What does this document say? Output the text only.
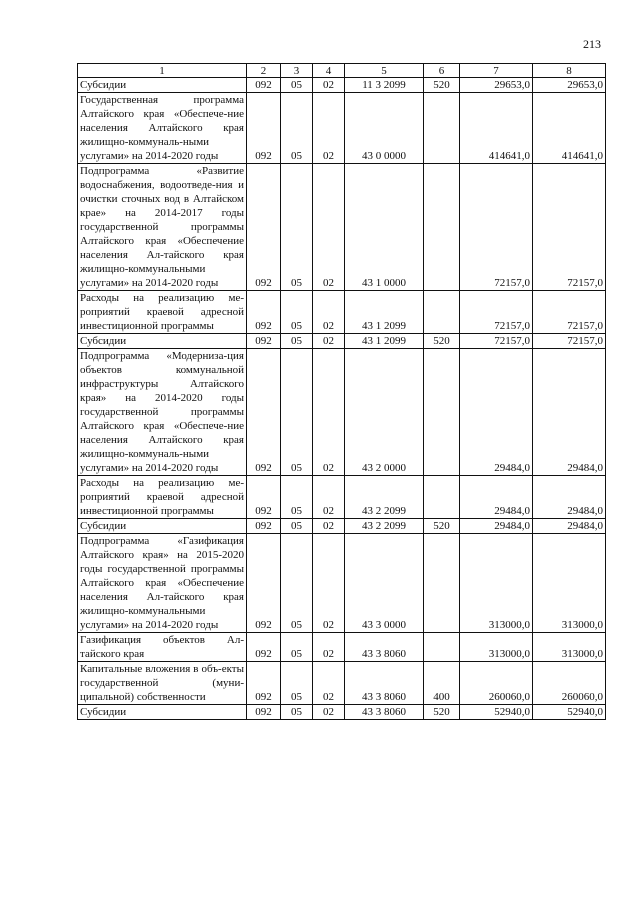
213
1	2	3	4	5	6	7	8
Субсидии	092	05	02	11 3 2099	520	29653,0	29653,0
Государственная программа Алтайского края «Обеспече-ние населения Алтайского края жилищно-коммуналь-ными услугами» на 2014-2020 годы	092	05	02	43 0 0000		414641,0	414641,0
Подпрограмма «Развитие водоснабжения, водоотведе-ния и очистки сточных вод в Алтайском крае» на 2014-2017 годы государственной программы Алтайского края «Обеспечение населения Ал-тайского края жилищно-коммунальными услугами» на 2014-2020 годы	092	05	02	43 1 0000		72157,0	72157,0
Расходы на реализацию ме-роприятий краевой адресной инвестиционной программы	092	05	02	43 1 2099		72157,0	72157,0
Субсидии	092	05	02	43 1 2099	520	72157,0	72157,0
Подпрограмма «Модерниза-ция объектов коммунальной инфраструктуры Алтайского края» на 2014-2020 годы государственной программы Алтайского края «Обеспече-ние населения Алтайского края жилищно-коммуналь-ными услугами» на 2014-2020 годы	092	05	02	43 2 0000		29484,0	29484,0
Расходы на реализацию ме-роприятий краевой адресной инвестиционной программы	092	05	02	43 2 2099		29484,0	29484,0
Субсидии	092	05	02	43 2 2099	520	29484,0	29484,0
Подпрограмма «Газификация Алтайского края» на 2015-2020 годы государственной программы Алтайского края «Обеспечение населения Ал-тайского края жилищно-коммунальными услугами» на 2014-2020 годы	092	05	02	43 3 0000		313000,0	313000,0
Газификация объектов Ал-тайского края	092	05	02	43 3 8060		313000,0	313000,0
Капитальные вложения в объ-екты государственной (муни-ципальной) собственности	092	05	02	43 3 8060	400	260060,0	260060,0
Субсидии	092	05	02	43 3 8060	520	52940,0	52940,0
